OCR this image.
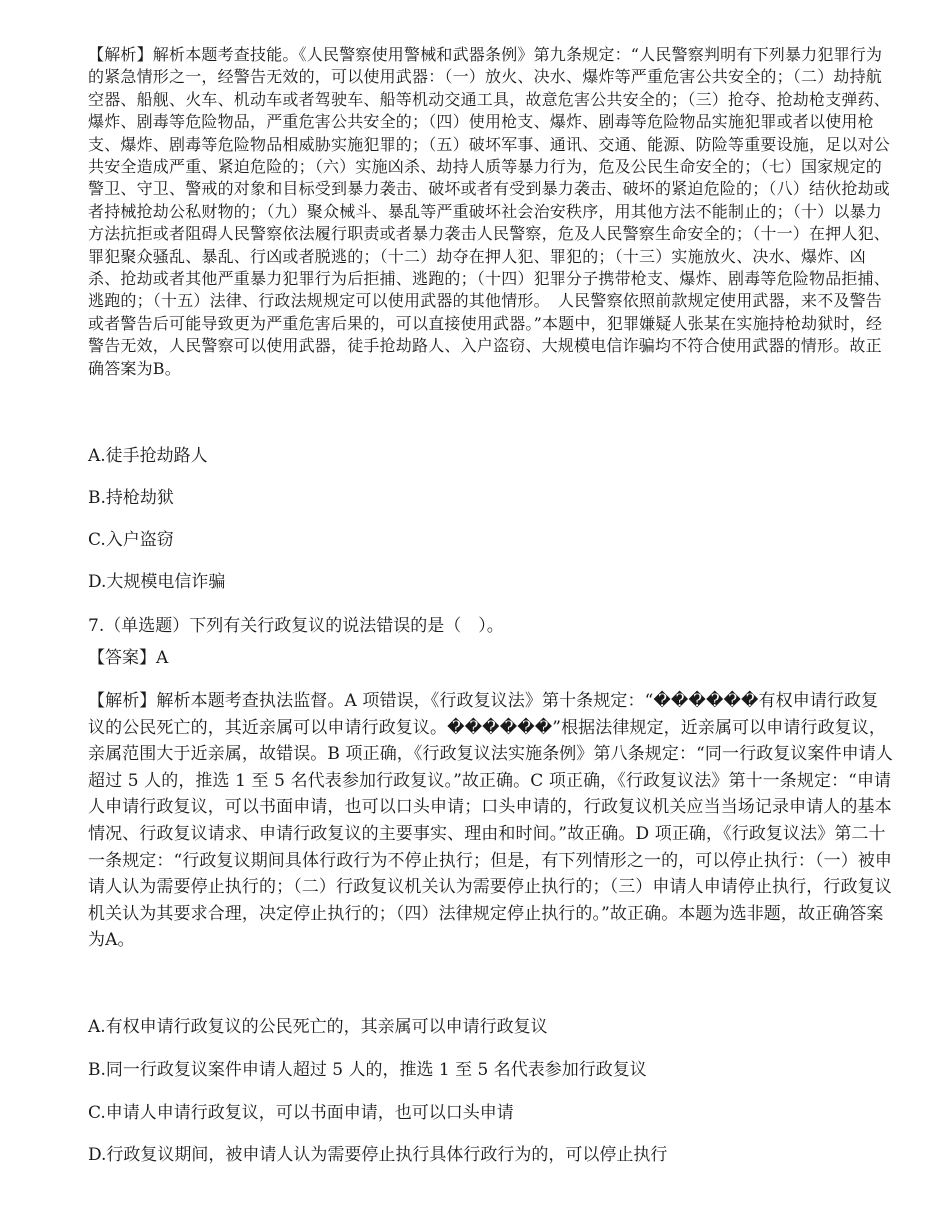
【解析】解析本题考查技能。《人民警察使用警械和武器条例》第九条规定：“人民警察判明有下列暴力犯罪行为的紧急情形之一，经警告无效的，可以使用武器：（一）放火、决水、爆炸等严重危害公共安全的；（二）劫持航空器、船舰、火车、机动车或者驾驶车、船等机动交通工具，故意危害公共安全的；（三）抢夺、抢劫枪支弹药、爆炸、剧毒等危险物品，严重危害公共安全的；（四）使用枪支、爆炸、剧毒等危险物品实施犯罪或者以使用枪支、爆炸、剧毒等危险物品相威胁实施犯罪的；（五）破坏军事、通讯、交通、能源、防险等重要设施，足以对公共安全造成严重、紧迫危险的；（六）实施凶杀、劫持人质等暴力行为，危及公民生命安全的；（七）国家规定的警卫、守卫、警戒的对象和目标受到暴力袭击、破坏或者有受到暴力袭击、破坏的紧迫危险的；（八）结伙抢劫或者持械抢劫公私财物的；（九）聚众械斗、暴乱等严重破坏社会治安秩序，用其他方法不能制止的；（十）以暴力方法抗拒或者阻碍人民警察依法履行职责或者暴力袭击人民警察，危及人民警察生命安全的；（十一）在押人犯、罪犯聚众骚乱、暴乱、行凶或者脱逃的；（十二）劫夺在押人犯、罪犯的；（十三）实施放火、决水、爆炸、凶杀、抢劫或者其他严重暴力犯罪行为后拒捕、逃跑的；（十四）犯罪分子携带枪支、爆炸、剧毒等危险物品拒捕、逃跑的；（十五）法律、行政法规规定可以使用武器的其他情形。　人民警察依照前款规定使用武器，来不及警告或者警告后可能导致更为严重危害后果的，可以直接使用武器。”本题中，犯罪嫌疑人张某在实施持枪劫狱时，经警告无效，人民警察可以使用武器，徒手抢劫路人、入户盗窃、大规模电信诈骗均不符合使用武器的情形。故正确答案为B。
A.徒手抢劫路人
B.持枪劫狱
C.入户盗窃
D.大规模电信诈骗
7.（单选题）下列有关行政复议的说法错误的是（　）。
【答案】A
【解析】解析本题考查执法监督。A 项错误，《行政复议法》第十条规定：“������有权申请行政复议的公民死亡的，其近亲属可以申请行政复议。������”根据法律规定，近亲属可以申请行政复议，亲属范围大于近亲属，故错误。B 项正确，《行政复议法实施条例》第八条规定：“同一行政复议案件申请人超过 5 人的，推选 1 至 5 名代表参加行政复议。”故正确。C 项正确，《行政复议法》第十一条规定：“申请人申请行政复议，可以书面申请，也可以口头申请；口头申请的，行政复议机关应当当场记录申请人的基本情况、行政复议请求、申请行政复议的主要事实、理由和时间。”故正确。D 项正确，《行政复议法》第二十一条规定：“行政复议期间具体行政行为不停止执行；但是，有下列情形之一的，可以停止执行：（一）被申请人认为需要停止执行的；（二）行政复议机关认为需要停止执行的；（三）申请人申请停止执行，行政复议机关认为其要求合理，决定停止执行的；（四）法律规定停止执行的。”故正确。本题为选非题，故正确答案为A。
A.有权申请行政复议的公民死亡的，其亲属可以申请行政复议
B.同一行政复议案件申请人超过 5 人的，推选 1 至 5 名代表参加行政复议
C.申请人申请行政复议，可以书面申请，也可以口头申请
D.行政复议期间，被申请人认为需要停止执行具体行政行为的，可以停止执行
